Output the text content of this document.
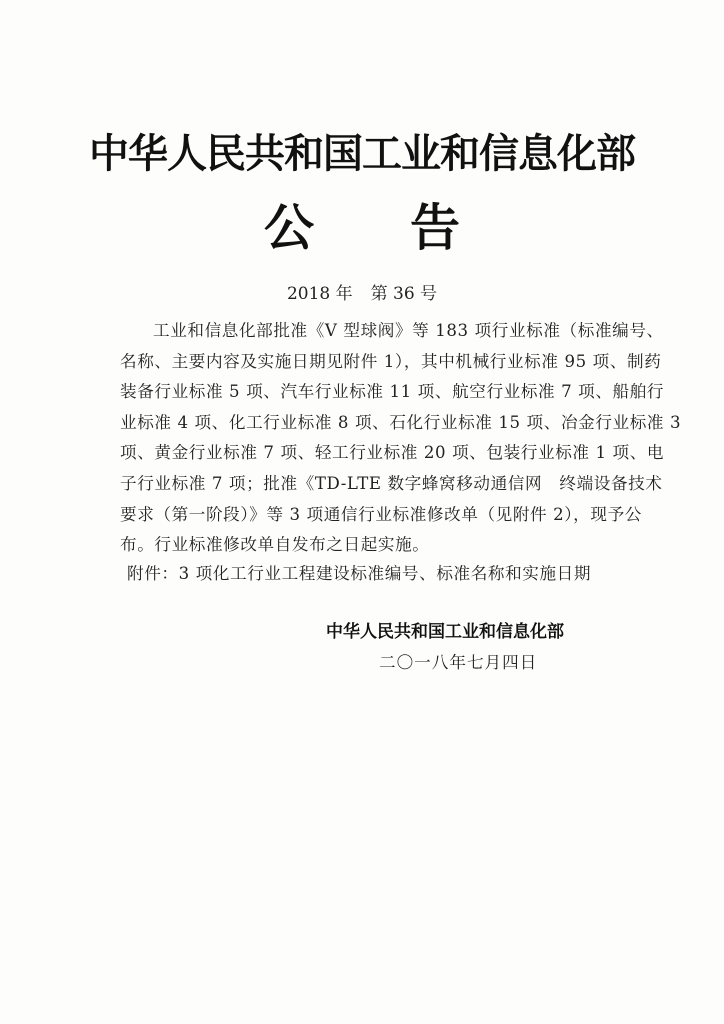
中华人民共和国工业和信息化部
公告
2018 年 第 36 号
工业和信息化部批准《V 型球阀》等 183 项行业标准（标准编号、
名称、主要内容及实施日期见附件 1），其中机械行业标准 95 项、制药
装备行业标准 5 项、汽车行业标准 11 项、航空行业标准 7 项、船舶行
业标准 4 项、化工行业标准 8 项、石化行业标准 15 项、冶金行业标准 3
项、黄金行业标准 7 项、轻工行业标准 20 项、包装行业标准 1 项、电
子行业标准 7 项；批准《TD-LTE 数字蜂窝移动通信网　终端设备技术
要求（第一阶段）》等 3 项通信行业标准修改单（见附件 2），现予公
布。行业标准修改单自发布之日起实施。
附件：3 项化工行业工程建设标准编号、标准名称和实施日期
中华人民共和国工业和信息化部
二〇一八年七月四日
